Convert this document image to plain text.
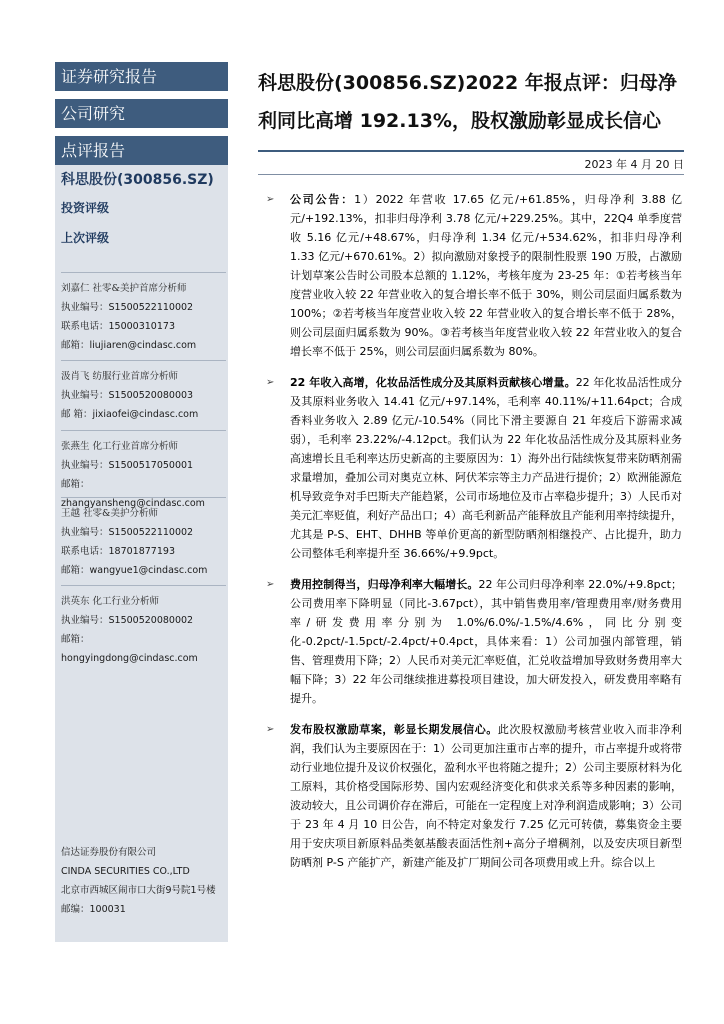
证券研究报告
公司研究
点评报告
科思股份(300856.SZ)
投资评级
上次评级
刘嘉仁 社零&美护首席分析师
执业编号：S1500522110002
联系电话：15000310173
邮箱：liujiaren@cindasc.com
汲肖飞 纺服行业首席分析师
执业编号：S1500520080003
邮 箱：jixiaofei@cindasc.com
张燕生 化工行业首席分析师
执业编号：S1500517050001
邮箱：zhangyansheng@cindasc.com
王越 社零&美护分析师
执业编号：S1500522110002
联系电话：18701877193
邮箱：wangyue1@cindasc.com
洪英东 化工行业分析师
执业编号：S1500520080002
邮箱：hongyingdong@cindasc.com
信达证券股份有限公司
CINDA SECURITIES CO.,LTD
北京市西城区闹市口大街9号院1号楼
邮编：100031
科思股份(300856.SZ)2022 年报点评：归母净
利同比高增 192.13%，股权激励彰显成长信心
2023 年 4 月 20 日
➢ 公司公告：1）2022 年营收 17.65 亿元/+61.85%，归母净利 3.88 亿元/+192.13%，扣非归母净利 3.78 亿元/+229.25%。其中，22Q4 单季度营收 5.16 亿元/+48.67%，归母净利 1.34 亿元/+534.62%，扣非归母净利 1.33 亿元/+670.61%。2）拟向激励对象授予的限制性股票 190 万股，占激励计划草案公告时公司股本总额的 1.12%，考核年度为 23-25 年：①若考核当年度营业收入较 22 年营业收入的复合增长率不低于 30%，则公司层面归属系数为 100%；②若考核当年度营业收入较 22 年营业收入的复合增长率不低于 28%，则公司层面归属系数为 90%。③若考核当年度营业收入较 22 年营业收入的复合增长率不低于 25%，则公司层面归属系数为 80%。
➢ 22 年收入高增，化妆品活性成分及其原料贡献核心增量。22 年化妆品活性成分及其原料业务收入 14.41 亿元/+97.14%，毛利率 40.11%/+11.64pct；合成香料业务收入 2.89 亿元/-10.54%（同比下滑主要源自 21 年疫后下游需求减弱），毛利率 23.22%/-4.12pct。我们认为 22 年化妆品活性成分及其原料业务高速增长且毛利率达历史新高的主要原因为：1）海外出行陆续恢复带来防晒剂需求量增加，叠加公司对奥克立林、阿伏苯宗等主力产品进行提价；2）欧洲能源危机导致竞争对手巴斯夫产能趋紧，公司市场地位及市占率稳步提升；3）人民币对美元汇率贬值，利好产品出口；4）高毛利新品产能释放且产能利用率持续提升，尤其是 P-S、EHT、DHHB 等单价更高的新型防晒剂相继投产、占比提升，助力公司整体毛利率提升至 36.66%/+9.9pct。
➢ 费用控制得当，归母净利率大幅增长。22 年公司归母净利率 22.0%/+9.8pct；公司费用率下降明显（同比-3.67pct），其中销售费用率/管理费用率/财务费用率/研发费用率分别为 1.0%/6.0%/-1.5%/4.6%，同比分别变化-0.2pct/-1.5pct/-2.4pct/+0.4pct，具体来看：1）公司加强内部管理，销售、管理费用下降；2）人民币对美元汇率贬值，汇兑收益增加导致财务费用率大幅下降；3）22 年公司继续推进募投项目建设，加大研发投入，研发费用率略有提升。
➢ 发布股权激励草案，彰显长期发展信心。此次股权激励考核营业收入而非净利润，我们认为主要原因在于：1）公司更加注重市占率的提升，市占率提升或将带动行业地位提升及议价权强化，盈利水平也将随之提升；2）公司主要原材料为化工原料，其价格受国际形势、国内宏观经济变化和供求关系等多种因素的影响，波动较大，且公司调价存在滞后，可能在一定程度上对净利润造成影响；3）公司于 23 年 4 月 10 日公告，向不特定对象发行 7.25 亿元可转债，募集资金主要用于安庆项目新原料品类氨基酸表面活性剂+高分子增稠剂，以及安庆项目新型防晒剂 P-S 产能扩产，新建产能及扩厂期间公司各项费用或上升。综合以上
